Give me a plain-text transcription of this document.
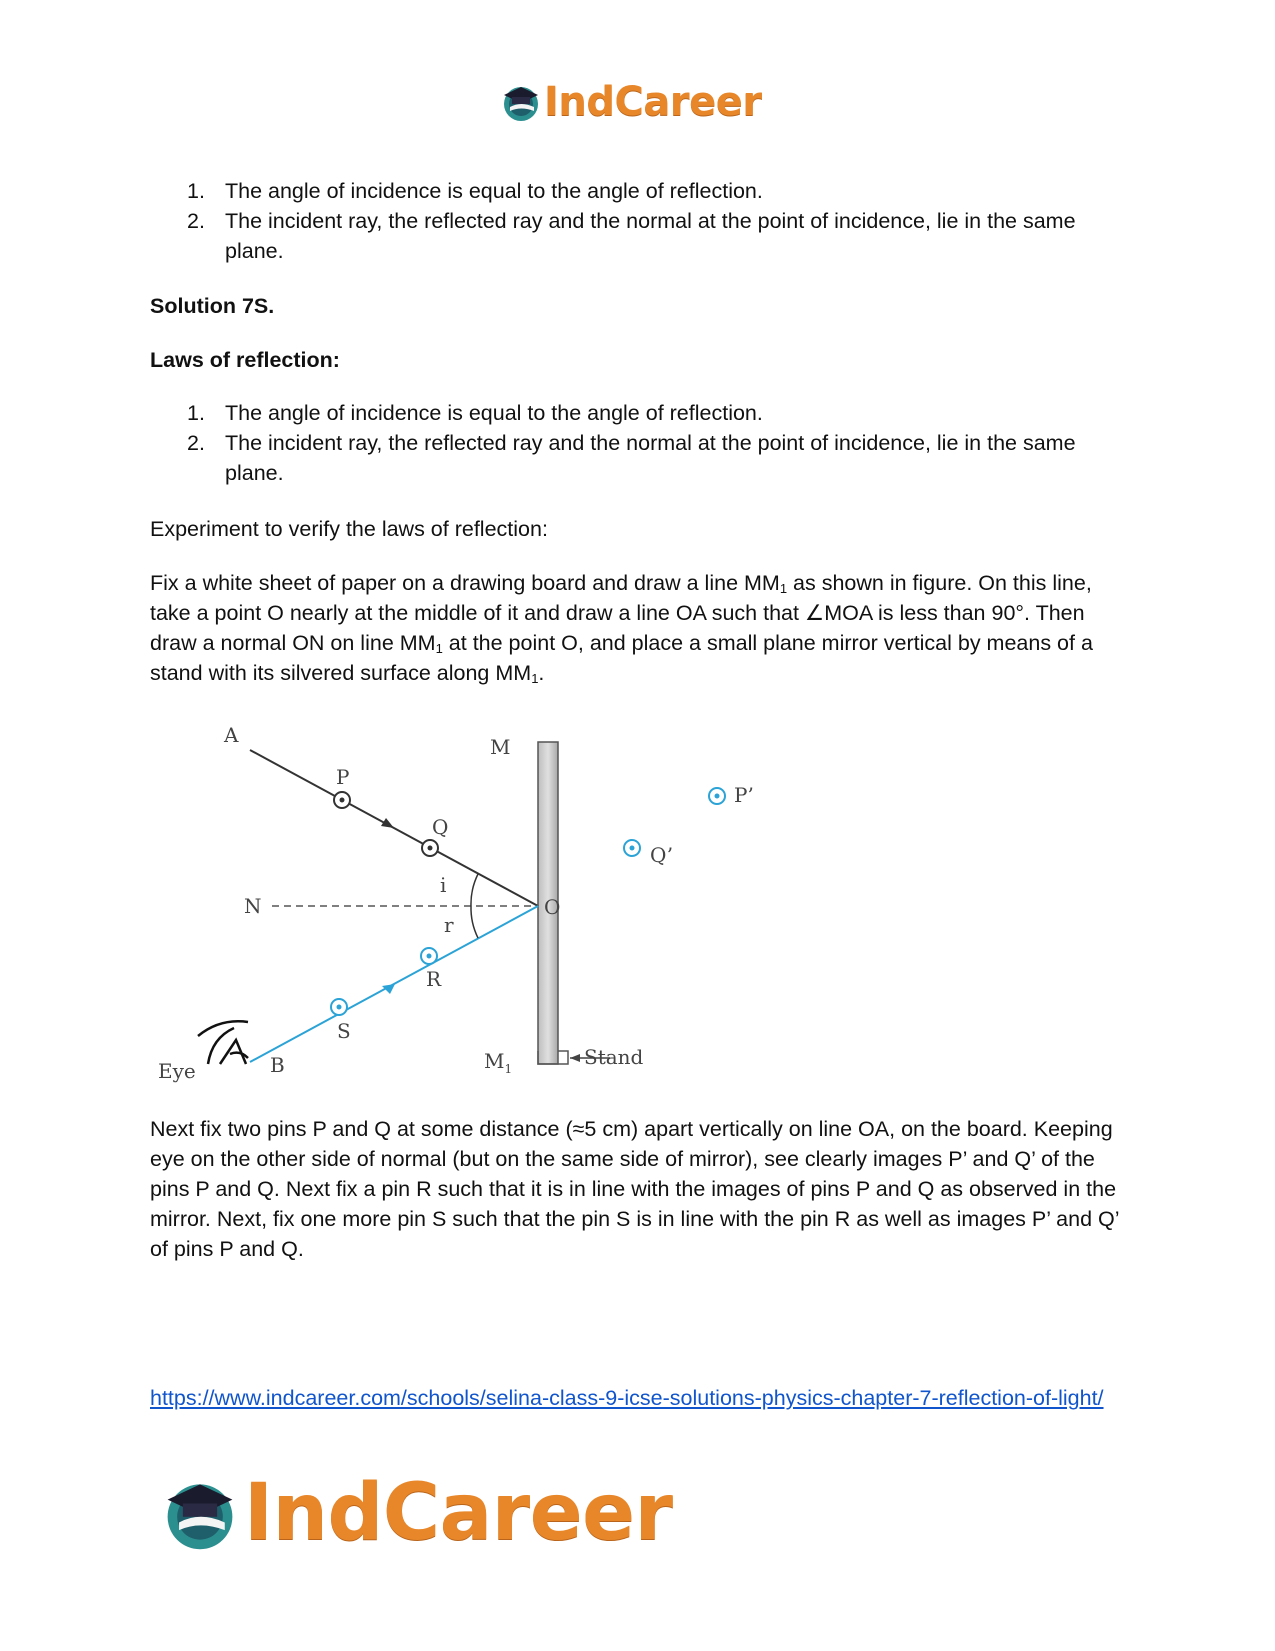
IndCareer
1. The angle of incidence is equal to the angle of reflection.
2. The incident ray, the reflected ray and the normal at the point of incidence, lie in the same plane.
Solution 7S.
Laws of reflection:
1. The angle of incidence is equal to the angle of reflection.
2. The incident ray, the reflected ray and the normal at the point of incidence, lie in the same plane.
Experiment to verify the laws of reflection:
Fix a white sheet of paper on a drawing board and draw a line $MM_1$ as shown in figure. On this line, take a point O nearly at the middle of it and draw a line OA such that ∠MOA is less than 90°. Then draw a normal ON on line $MM_1$ at the point O, and place a small plane mirror vertical by means of a stand with its silvered surface along $MM_1$.
A
P
Q
M
N	O
i
r
R
S
B
Eye	$M_1$	Stand
P’
Q’
Next fix two pins P and Q at some distance (≈5 cm) apart vertically on line OA, on the board. Keeping eye on the other side of normal (but on the same side of mirror), see clearly images P’ and Q’ of the pins P and Q. Next fix a pin R such that it is in line with the images of pins P and Q as observed in the mirror. Next, fix one more pin S such that the pin S is in line with the pin R as well as images P’ and Q’ of pins P and Q.
https://www.indcareer.com/schools/selina-class-9-icse-solutions-physics-chapter-7-reflection-of-light/
IndCareer
